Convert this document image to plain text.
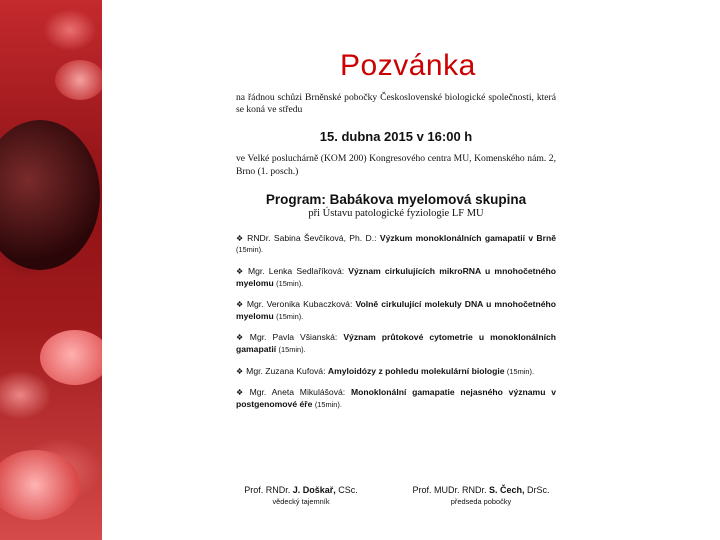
Pozvánka

na řádnou schůzi Brněnské pobočky Československé biologické společnosti, která se koná ve středu

15. dubna 2015 v 16:00 h

ve Velké posluchárně (KOM 200) Kongresového centra MU, Komenského nám. 2, Brno (1. posch.)

Program: Babákova myelomová skupina

při Ústavu patologické fyziologie LF MU

❖ RNDr. Sabina Ševčíková, Ph. D.: Výzkum monoklonálních gamapatií v Brně (15min).
❖ Mgr. Lenka Sedlaříková: Význam cirkulujících mikroRNA u mnohočetného myelomu (15min).
❖ Mgr. Veronika Kubaczková: Volně cirkulující molekuly DNA u mnohočetného myelomu (15min).
❖ Mgr. Pavla Všianská: Význam průtokové cytometrie u monoklonálních gamapatií (15min).
❖ Mgr. Zuzana Kufová: Amyloidózy z pohledu molekulární biologie (15min).
❖ Mgr. Aneta Mikulášová: Monoklonální gamapatie nejasného významu v postgenomové éře (15min).

Prof. RNDr. J. Doškař, CSc.

vědecký tajemník

Prof. MUDr. RNDr. S. Čech, DrSc.

předseda pobočky
